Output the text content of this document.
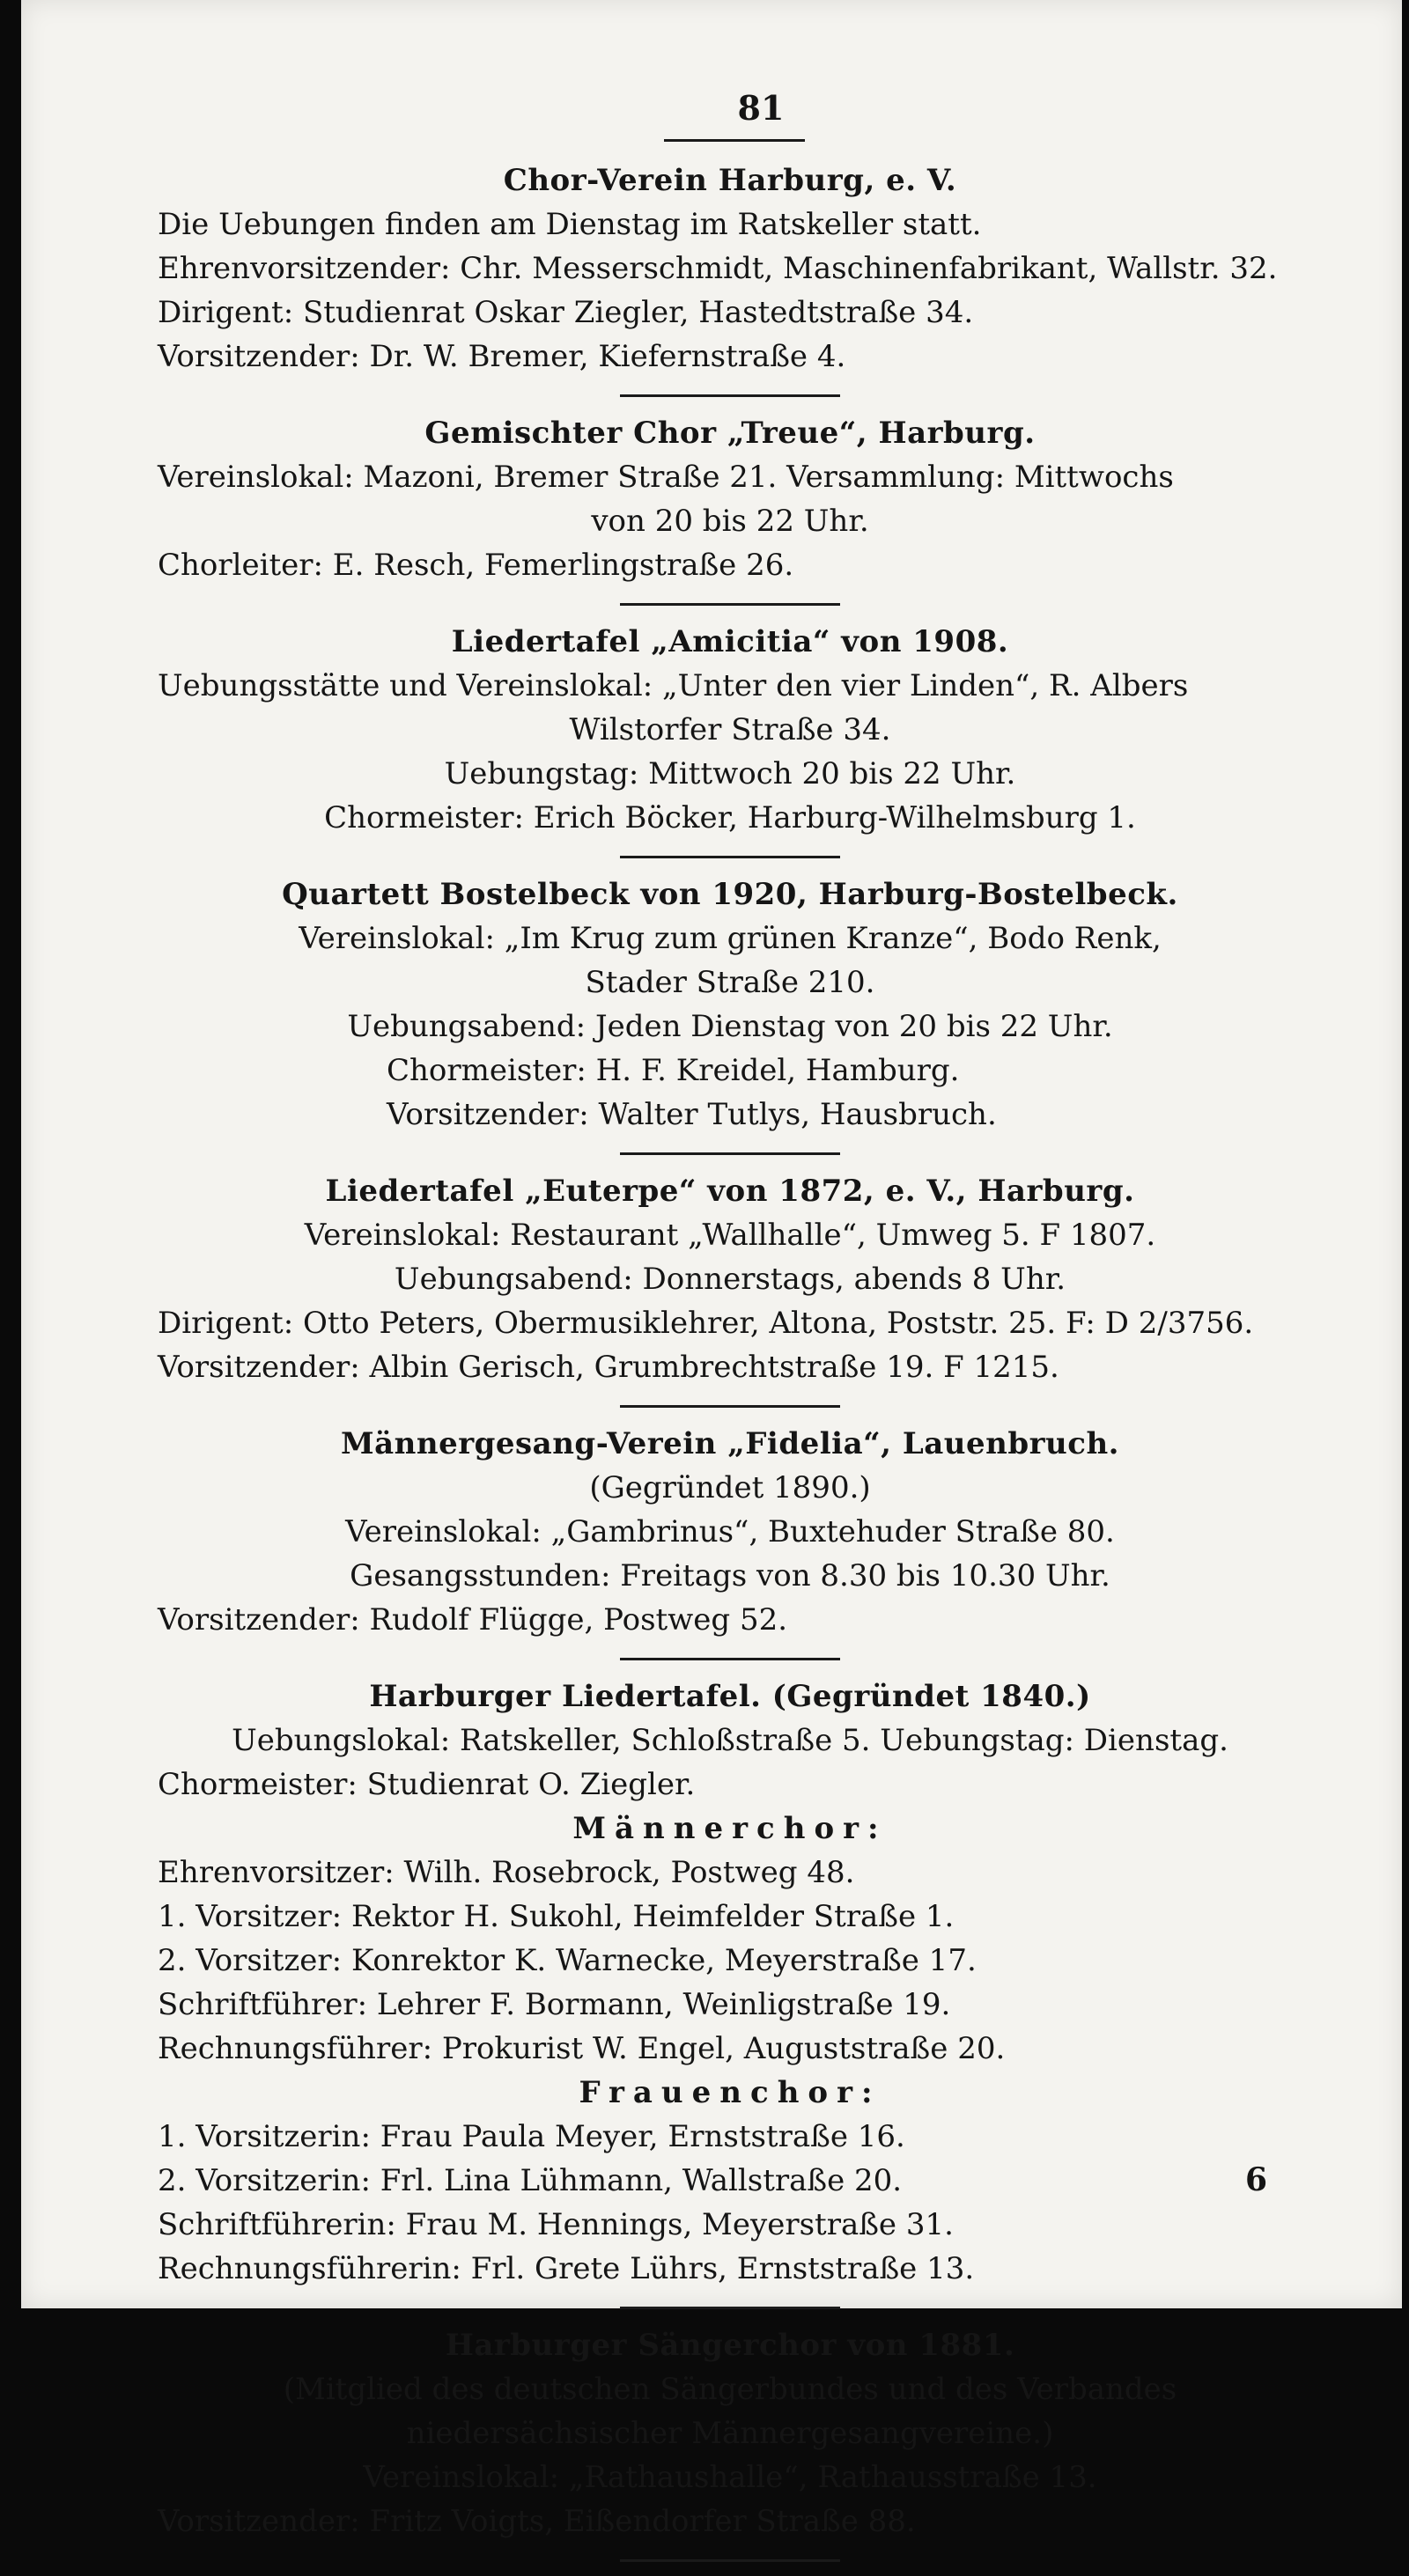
81
Chor-Verein Harburg, e. V.
Die Uebungen finden am Dienstag im Ratskeller statt.
Ehrenvorsitzender: Chr. Messerschmidt, Maschinenfabrikant, Wallstr. 32.
Dirigent: Studienrat Oskar Ziegler, Hastedtstraße 34.
Vorsitzender: Dr. W. Bremer, Kiefernstraße 4.
Gemischter Chor „Treue“, Harburg.
Vereinslokal: Mazoni, Bremer Straße 21. Versammlung: Mittwochs
von 20 bis 22 Uhr.
Chorleiter: E. Resch, Femerlingstraße 26.
Liedertafel „Amicitia“ von 1908.
Uebungsstätte und Vereinslokal: „Unter den vier Linden“, R. Albers
Wilstorfer Straße 34.
Uebungstag: Mittwoch 20 bis 22 Uhr.
Chormeister: Erich Böcker, Harburg-Wilhelmsburg 1.
Quartett Bostelbeck von 1920, Harburg-Bostelbeck.
Vereinslokal: „Im Krug zum grünen Kranze“, Bodo Renk,
Stader Straße 210.
Uebungsabend: Jeden Dienstag von 20 bis 22 Uhr.
Chormeister: H. F. Kreidel, Hamburg.
Vorsitzender: Walter Tutlys, Hausbruch.
Liedertafel „Euterpe“ von 1872, e. V., Harburg.
Vereinslokal: Restaurant „Wallhalle“, Umweg 5. F 1807.
Uebungsabend: Donnerstags, abends 8 Uhr.
Dirigent: Otto Peters, Obermusiklehrer, Altona, Poststr. 25. F: D 2/3756.
Vorsitzender: Albin Gerisch, Grumbrechtstraße 19. F 1215.
Männergesang-Verein „Fidelia“, Lauenbruch.
(Gegründet 1890.)
Vereinslokal: „Gambrinus“, Buxtehuder Straße 80.
Gesangsstunden: Freitags von 8.30 bis 10.30 Uhr.
Vorsitzender: Rudolf Flügge, Postweg 52.
Harburger Liedertafel. (Gegründet 1840.)
Uebungslokal: Ratskeller, Schloßstraße 5. Uebungstag: Dienstag.
Chormeister: Studienrat O. Ziegler.
Männerchor:
Ehrenvorsitzer: Wilh. Rosebrock, Postweg 48.
1. Vorsitzer: Rektor H. Sukohl, Heimfelder Straße 1.
2. Vorsitzer: Konrektor K. Warnecke, Meyerstraße 17.
Schriftführer: Lehrer F. Bormann, Weinligstraße 19.
Rechnungsführer: Prokurist W. Engel, Auguststraße 20.
Frauenchor:
1. Vorsitzerin: Frau Paula Meyer, Ernststraße 16.
2. Vorsitzerin: Frl. Lina Lühmann, Wallstraße 20.
Schriftführerin: Frau M. Hennings, Meyerstraße 31.
Rechnungsführerin: Frl. Grete Lührs, Ernststraße 13.
Harburger Sängerchor von 1881.
(Mitglied des deutschen Sängerbundes und des Verbandes
niedersächsischer Männergesangvereine.)
Vereinslokal: „Rathaushalle“, Rathausstraße 13.
Vorsitzender: Fritz Voigts, Eißendorfer Straße 88.
6
